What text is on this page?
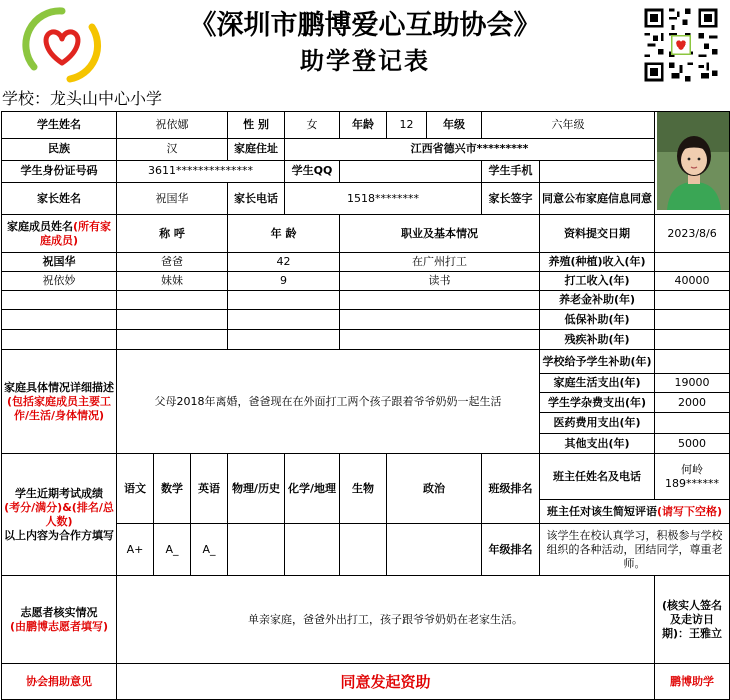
《深圳市鹏博爱心互助协会》
助学登记表
学校：龙头山中心小学
学生姓名	祝依娜			性 别	女	年龄	12	年级	六年级	
民族	汉			家庭住址	江西省德兴市*********						
学生身份证号码	3611**************				学生QQ				学生手机		
家长姓名	祝国华			家长电话	1518********				家长签字	同意公布家庭信息同意	
家庭成员姓名(所有家庭成员)	称 呼			年 龄		职业及基本情况				资料提交日期	2023/8/6
祝国华	爸爸			42		在广州打工				养殖(种植)收入(年)	
祝依妙	妹妹			9		读书				打工收入(年)	40000
										养老金补助(年)	
										低保补助(年)	
										残疾补助(年)	
家庭具体情况详细描述(包括家庭成员主要工作/生活/身体情况)	父母2018年离婚，爸爸现在在外面打工两个孩子跟着爷爷奶奶一起生活									学校给予学生补助(年)	
										家庭生活支出(年)	19000
										学生学杂费支出(年)	2000
										医药费用支出(年)	
										其他支出(年)	5000
学生近期考试成绩
(考分/满分)&(排名/总人数)
以上内容为合作方填写	语文	数学	英语	物理/历史	化学/地理	生物	政治		班级排名	班主任姓名及电话	何岭189******
										班主任对该生简短评语(请写下空格)	
	A+	A_	A_						年级排名	该学生在校认真学习，积极参与学校组织的各种活动，团结同学，尊重老师。	
志愿者核实情况
(由鹏博志愿者填写)	单亲家庭，爸爸外出打工，孩子跟爷爷奶奶在老家生活。										(核实人签名及走访日期)：王雅立
协会捐助意见	同意发起资助										鹏博助学
